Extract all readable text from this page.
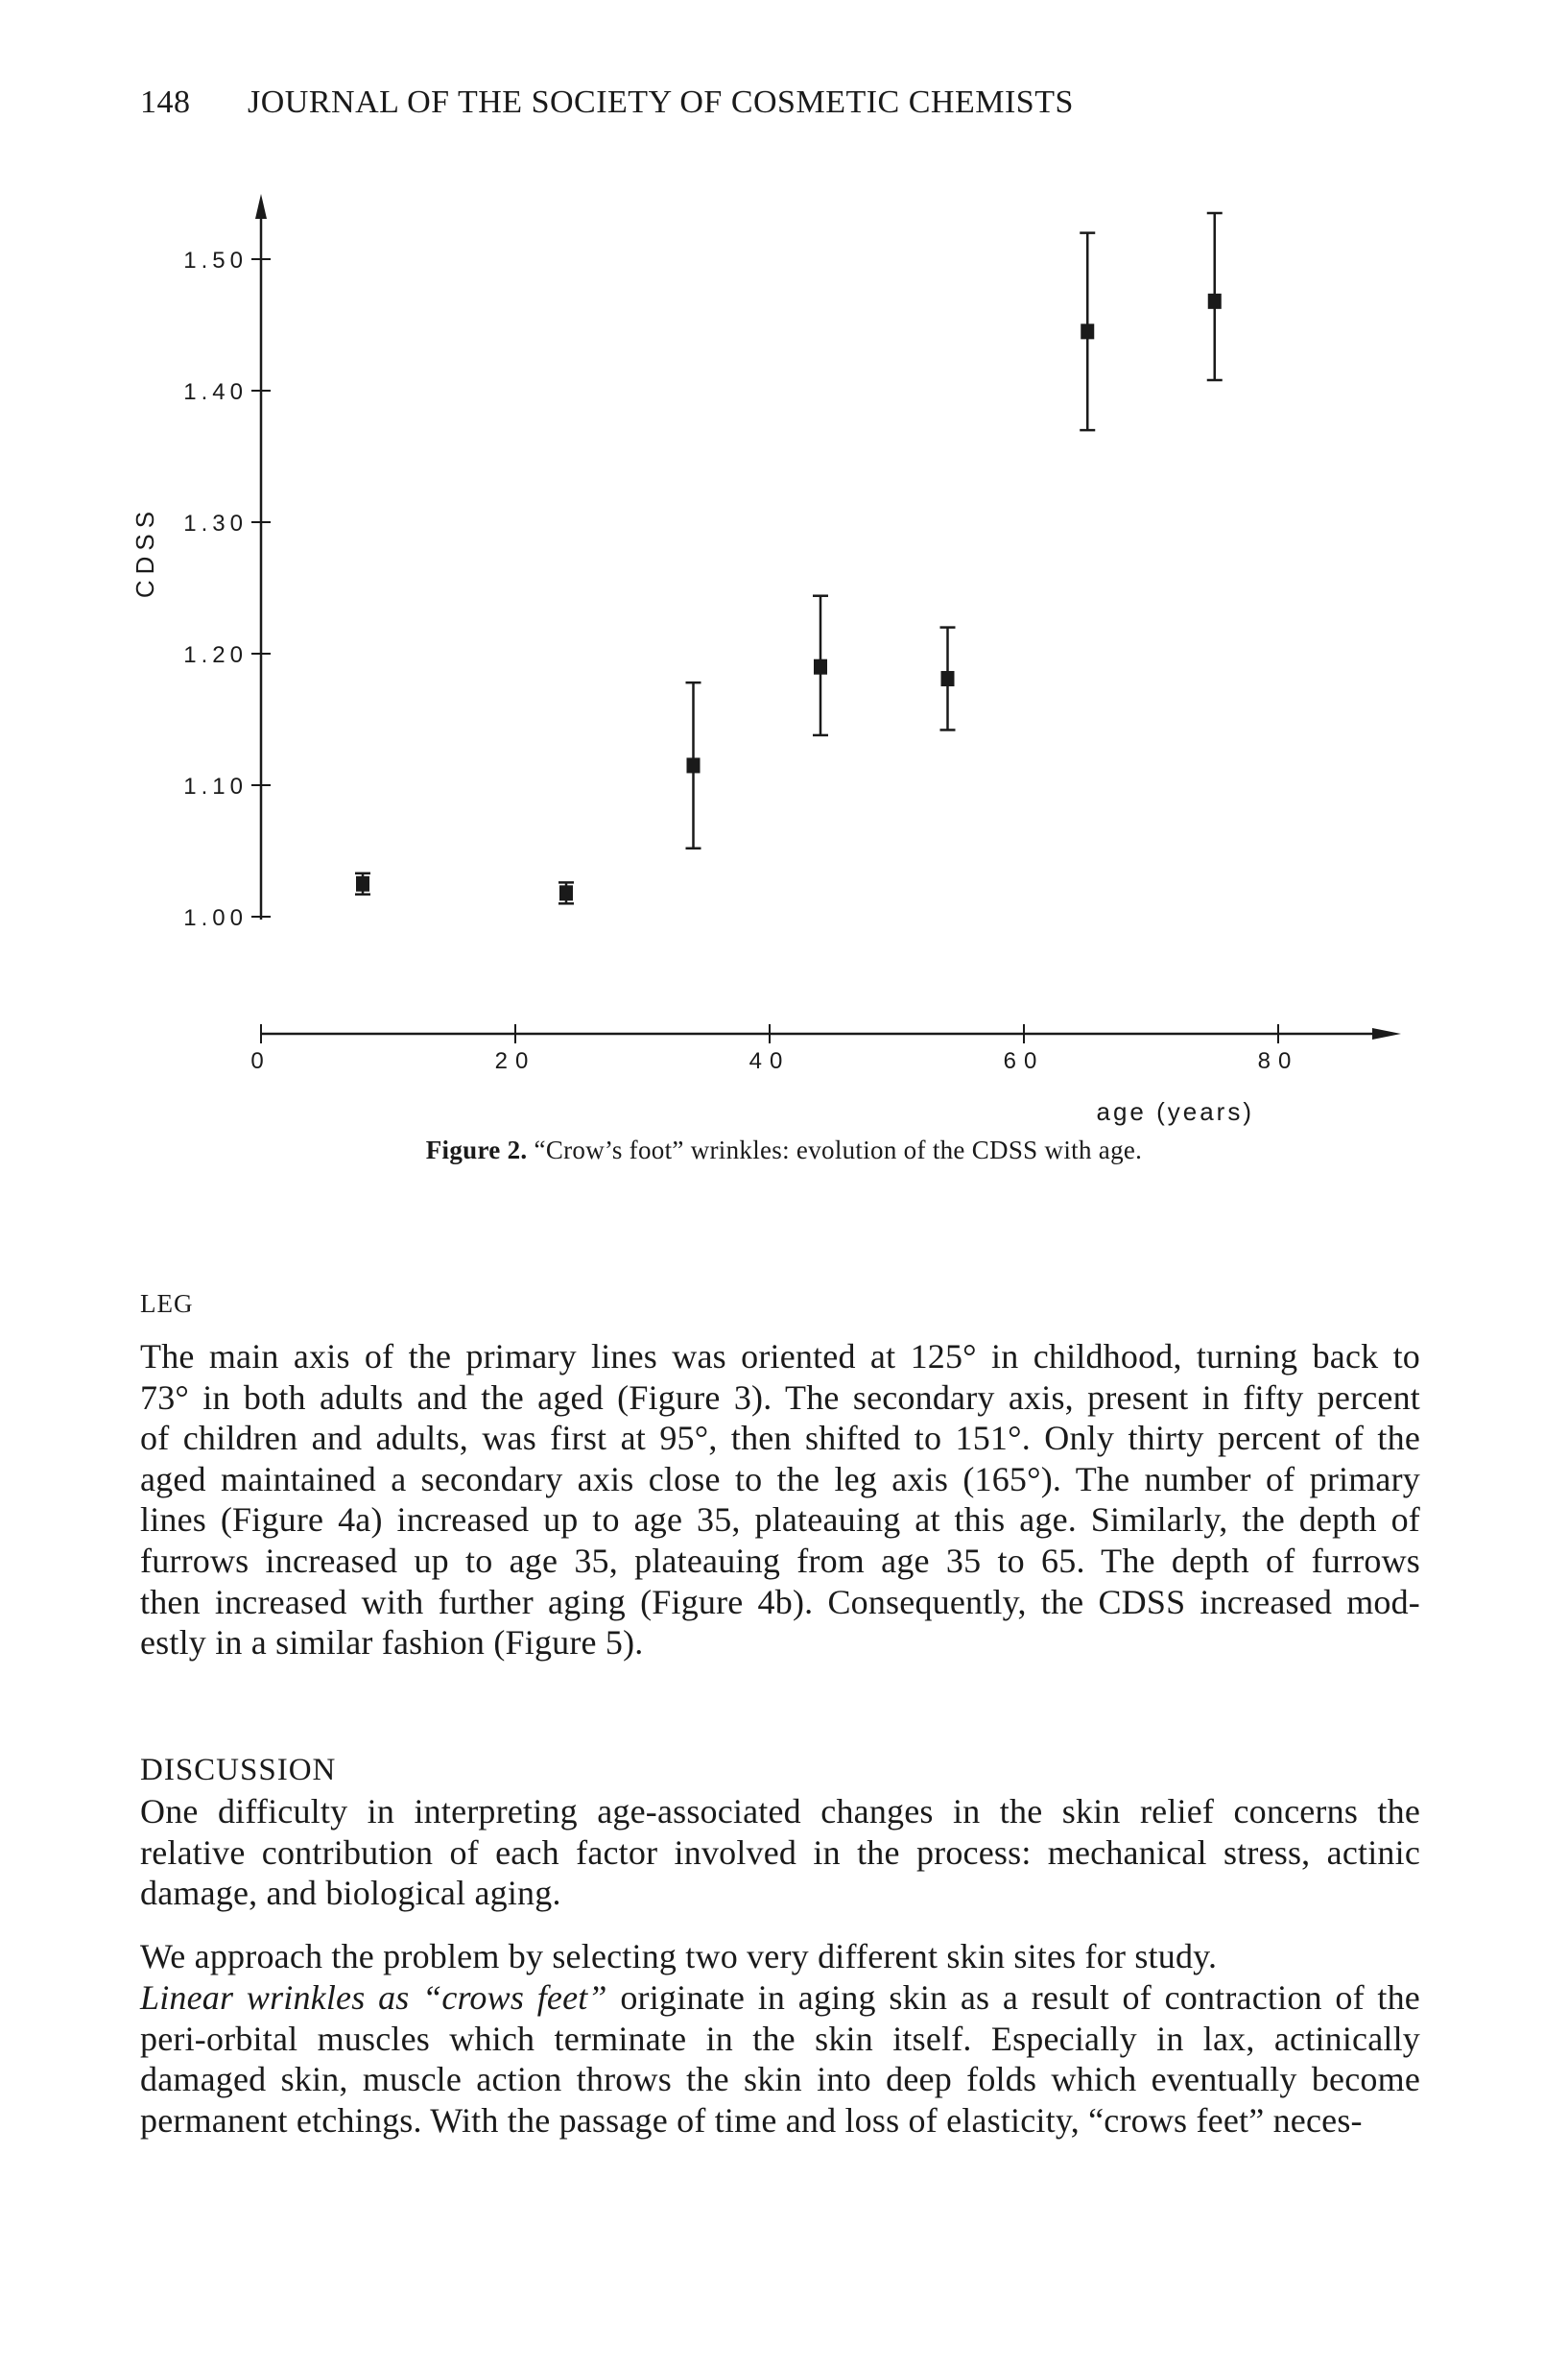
148 JOURNAL OF THE SOCIETY OF COSMETIC CHEMISTS
1.00
1.10
1.20
1.30
1.40
1.50
0	20	40	60	80
CDSS
age (years)
Figure 2. “Crow’s foot” wrinkles: evolution of the CDSS with age.
LEG

The main axis of the primary lines was oriented at 125° in childhood, turning back to

73° in both adults and the aged (Figure 3). The secondary axis, present in fifty percent

of children and adults, was first at 95°, then shifted to 151°. Only thirty percent of the

aged maintained a secondary axis close to the leg axis (165°). The number of primary

lines (Figure 4a) increased up to age 35, plateauing at this age. Similarly, the depth of

furrows increased up to age 35, plateauing from age 35 to 65. The depth of furrows

then increased with further aging (Figure 4b). Consequently, the CDSS increased mod-

estly in a similar fashion (Figure 5).

DISCUSSION

One difficulty in interpreting age-associated changes in the skin relief concerns the

relative contribution of each factor involved in the process: mechanical stress, actinic

damage, and biological aging.

We approach the problem by selecting two very different skin sites for study.

Linear wrinkles as “crows feet” originate in aging skin as a result of contraction of the

peri-orbital muscles which terminate in the skin itself. Especially in lax, actinically

damaged skin, muscle action throws the skin into deep folds which eventually become

permanent etchings. With the passage of time and loss of elasticity, “crows feet” neces-
